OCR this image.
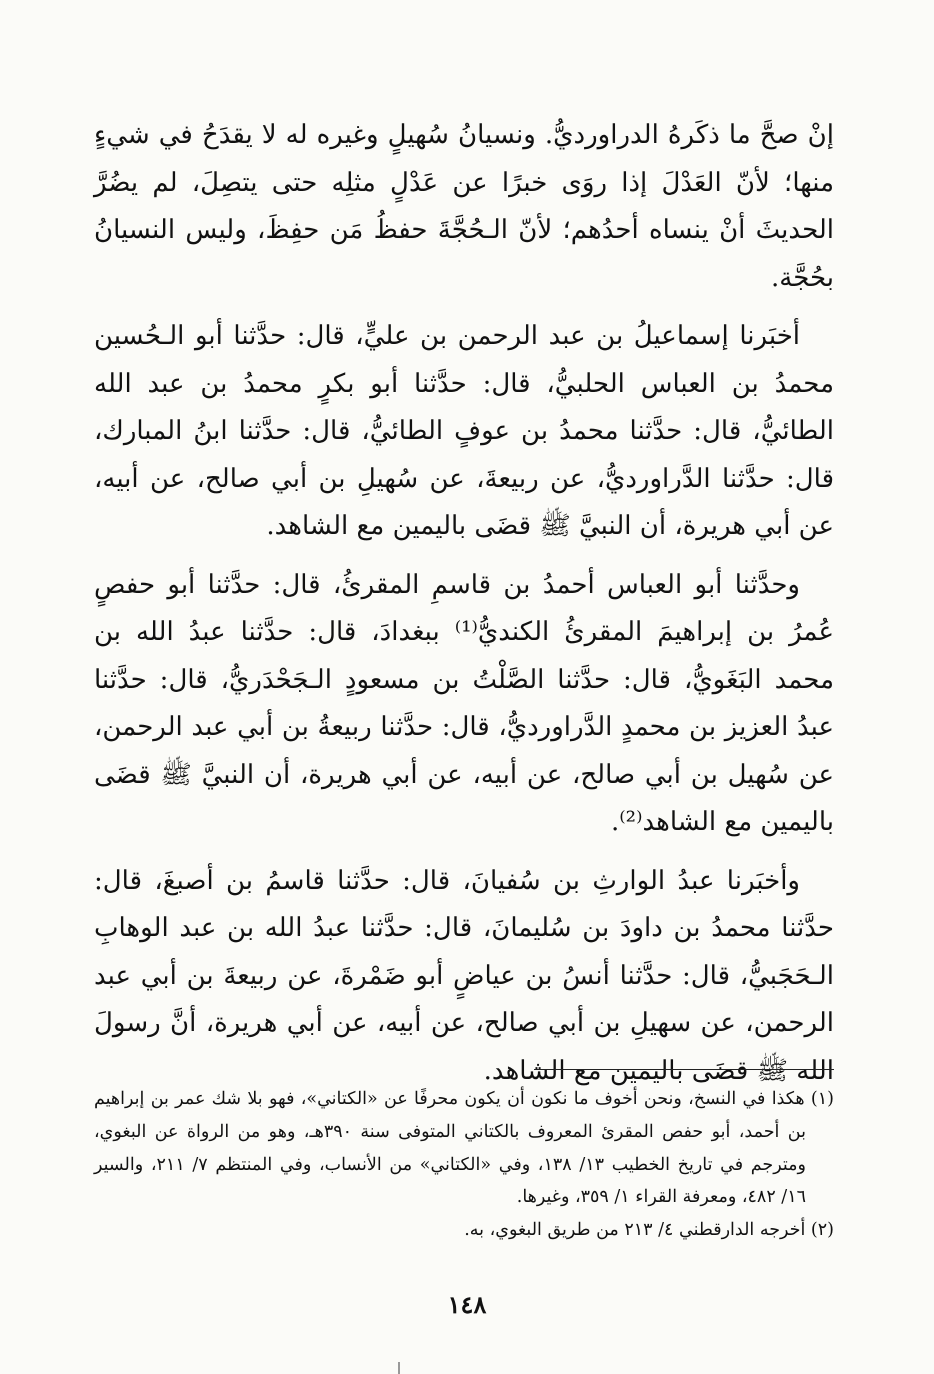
إنْ صحَّ ما ذكَرهُ الدراورديُّ. ونسيانُ سُهيلٍ وغيره له لا يقدَحُ في شيءٍ منها؛ لأنّ العَدْلَ إذا روَى خبرًا عن عَدْلٍ مثلِه حتى يتصِلَ، لم يضُرَّ الحديثَ أنْ ينساه أحدُهم؛ لأنّ الـحُجَّةَ حفظُ مَن حفِظَ، وليس النسيانُ بحُجَّة.

أخبَرنا إسماعيلُ بن عبد الرحمن بن عليٍّ، قال: حدَّثنا أبو الـحُسين محمدُ بن العباس الحلبيُّ، قال: حدَّثنا أبو بكرٍ محمدُ بن عبد الله الطائيُّ، قال: حدَّثنا محمدُ بن عوفٍ الطائيُّ، قال: حدَّثنا ابنُ المبارك، قال: حدَّثنا الدَّراورديُّ، عن ربيعةَ، عن سُهيلِ بن أبي صالح، عن أبيه، عن أبي هريرة، أن النبيَّ ﷺ قضَى باليمين مع الشاهد.

وحدَّثنا أبو العباس أحمدُ بن قاسمِ المقرئُ، قال: حدَّثنا أبو حفصٍ عُمرُ بن إبراهيمَ المقرئُ الكنديُّ⁽¹⁾ ببغدادَ، قال: حدَّثنا عبدُ الله بن محمد البَغَويُّ، قال: حدَّثنا الصَّلْتُ بن مسعودٍ الـجَحْدَريُّ، قال: حدَّثنا عبدُ العزيز بن محمدٍ الدَّراورديُّ، قال: حدَّثنا ربيعةُ بن أبي عبد الرحمن، عن سُهيل بن أبي صالح، عن أبيه، عن أبي هريرة، أن النبيَّ ﷺ قضَى باليمين مع الشاهد⁽²⁾.

وأخبَرنا عبدُ الوارثِ بن سُفيانَ، قال: حدَّثنا قاسمُ بن أصبغَ، قال: حدَّثنا محمدُ بن داودَ بن سُليمانَ، قال: حدَّثنا عبدُ الله بن عبد الوهابِ الـحَجَبيُّ، قال: حدَّثنا أنسُ بن عياضٍ أبو ضَمْرةَ، عن ربيعةَ بن أبي عبد الرحمن، عن سهيلِ بن أبي صالح، عن أبيه، عن أبي هريرة، أنَّ رسولَ الله ﷺ قضَى باليمين مع الشاهد.

(١) هكذا في النسخ، ونحن أخوف ما نكون أن يكون محرفًا عن «الكتاني»، فهو بلا شك عمر بن إبراهيم بن أحمد، أبو حفص المقرئ المعروف بالكتاني المتوفى سنة ٣٩٠هـ، وهو من الرواة عن البغوي، ومترجم في تاريخ الخطيب ١٣/ ١٣٨، وفي «الكتاني» من الأنساب، وفي المنتظم ٧/ ٢١١، والسير ١٦/ ٤٨٢، ومعرفة القراء ١/ ٣٥٩، وغيرها.

(٢) أخرجه الدارقطني ٤/ ٢١٣ من طريق البغوي، به.

١٤٨
